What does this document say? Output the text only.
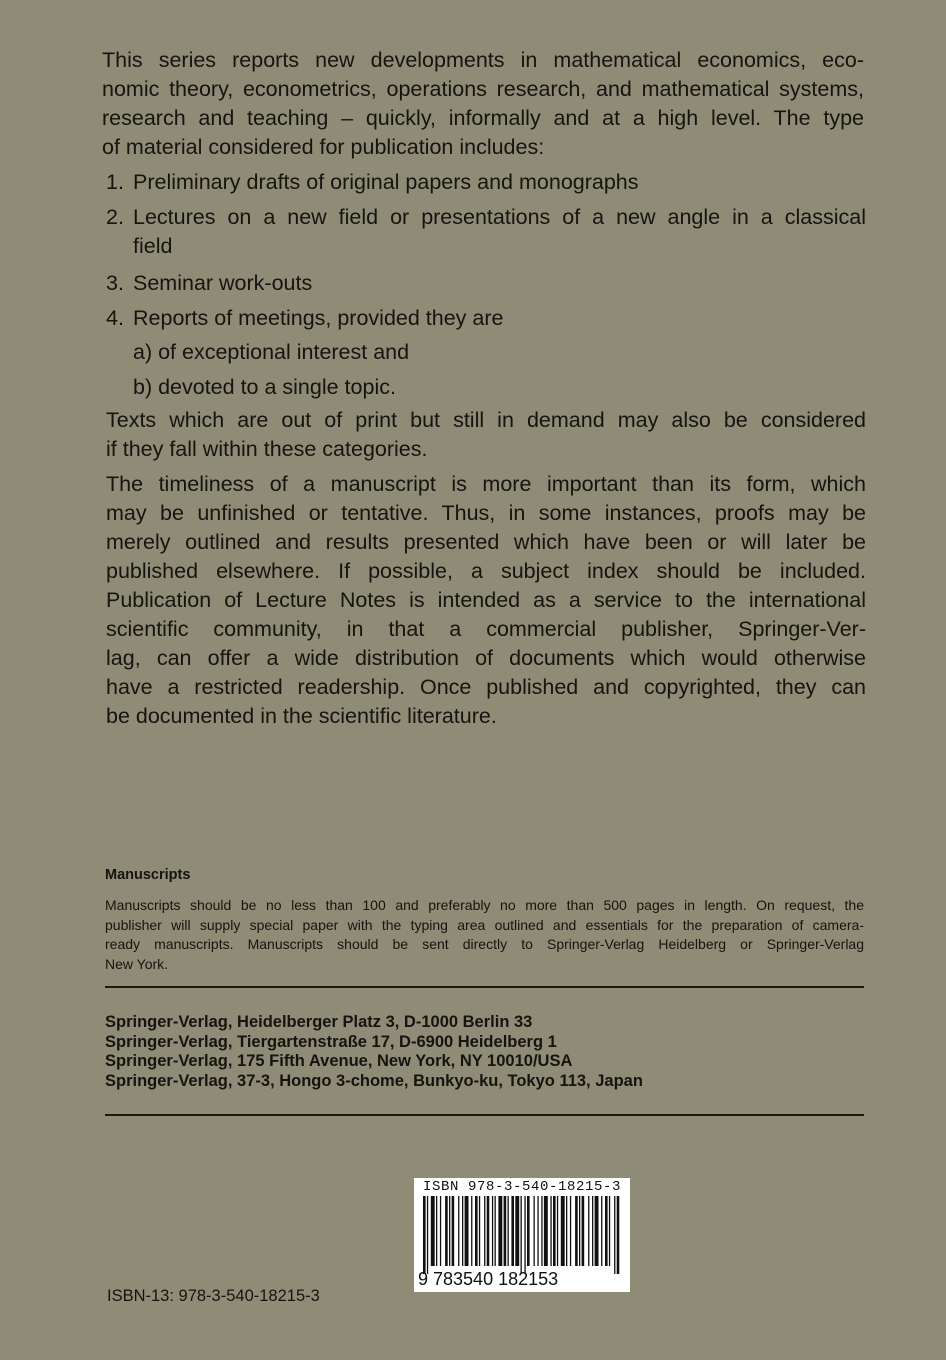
This series reports new developments in mathematical economics, eco-
nomic theory, econometrics, operations research, and mathematical systems,
research and teaching – quickly, informally and at a high level. The type
of material considered for publication includes:
1. Preliminary drafts of original papers and monographs
2. Lectures on a new field or presentations of a new angle in a classical
field
3. Seminar work-outs
4. Reports of meetings, provided they are
a) of exceptional interest and
b) devoted to a single topic.
Texts which are out of print but still in demand may also be considered
if they fall within these categories.
The timeliness of a manuscript is more important than its form, which
may be unfinished or tentative. Thus, in some instances, proofs may be
merely outlined and results presented which have been or will later be
published elsewhere. If possible, a subject index should be included.
Publication of Lecture Notes is intended as a service to the international
scientific community, in that a commercial publisher, Springer-Ver-
lag, can offer a wide distribution of documents which would otherwise
have a restricted readership. Once published and copyrighted, they can
be documented in the scientific literature.
Manuscripts
Manuscripts should be no less than 100 and preferably no more than 500 pages in length. On request, the
publisher will supply special paper with the typing area outlined and essentials for the preparation of camera-
ready manuscripts. Manuscripts should be sent directly to Springer-Verlag Heidelberg or Springer-Verlag
New York.
Springer-Verlag, Heidelberger Platz 3, D-1000 Berlin 33
Springer-Verlag, Tiergartenstraße 17, D-6900 Heidelberg 1
Springer-Verlag, 175 Fifth Avenue, New York, NY 10010/USA
Springer-Verlag, 37-3, Hongo 3-chome, Bunkyo-ku, Tokyo 113, Japan
ISBN 978-3-540-18215-3
9 783540 182153
ISBN-13: 978-3-540-18215-3
